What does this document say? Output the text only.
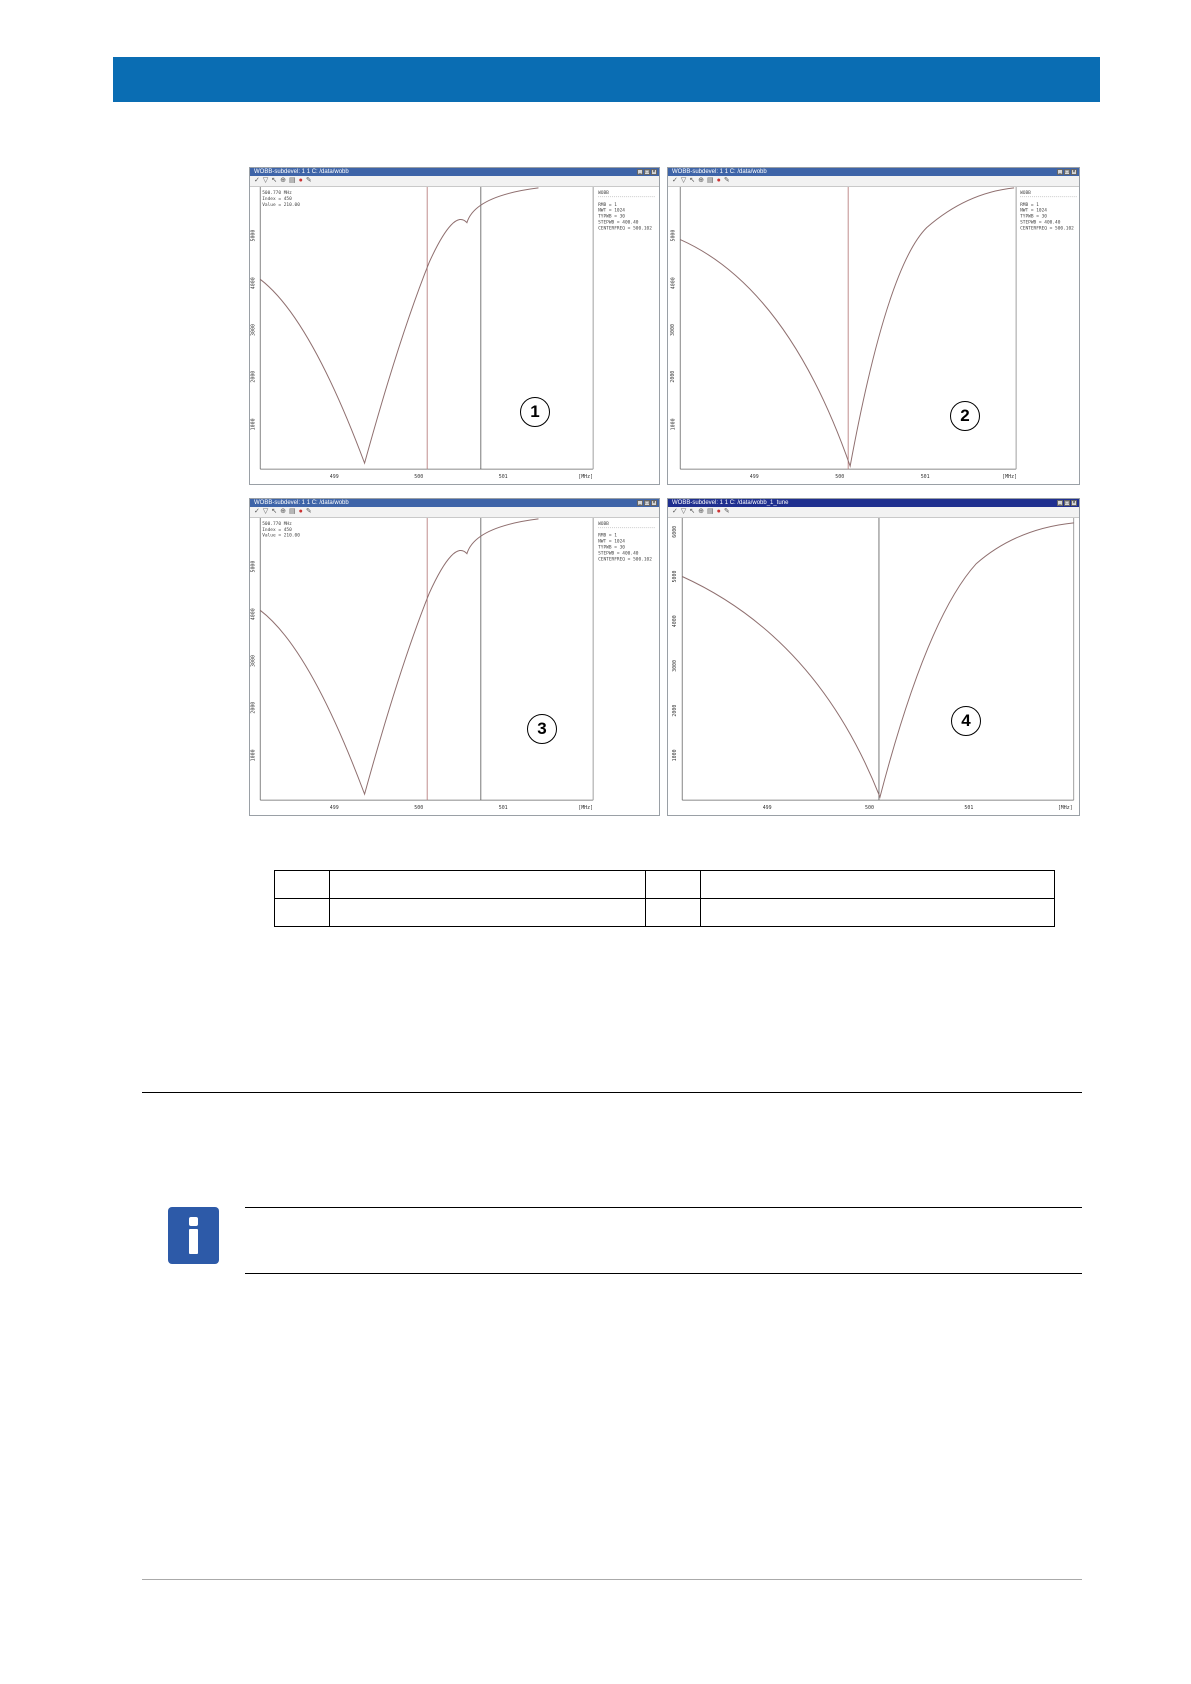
1000
2000
3000
4000
5000
499	500	501	[MHz]
500.770 MHz
Index = 450
Value = 210.00
WOBB
RMB = 1
NWT = 1024
TYPWB = 30
STEPWB = 400.40
CENTERFREQ = 500.102
WOBB-subdevel: 1 1 C: /data/wobb	_ □ ×
✓ ▽ ↖ ⊕ ▤ ● ✎
1
1000
2000
3000
4000
5000
499	500	501	[MHz]
WOBB
RMB = 1
NWT = 1024
TYPWB = 30
STEPWB = 400.40
CENTERFREQ = 500.102
WOBB-subdevel: 1 1 C: /data/wobb	_ □ ×
✓ ▽ ↖ ⊕ ▤ ● ✎
2
1000
2000
3000
4000
5000
499	500	501	[MHz]
500.770 MHz
Index = 450
Value = 210.00
WOBB
RMB = 1
NWT = 1024
TYPWB = 30
STEPWB = 400.40
CENTERFREQ = 500.102
WOBB-subdevel: 1 1 C: /data/wobb	_ □ ×
✓ ▽ ↖ ⊕ ▤ ● ✎
3
1000
2000
3000
4000
5000
6000
499	500	501	[MHz]
WOBB-subdevel: 1 1 C: /data/wobb_1_tune	_ □ ×
✓ ▽ ↖ ⊕ ▤ ● ✎
4
